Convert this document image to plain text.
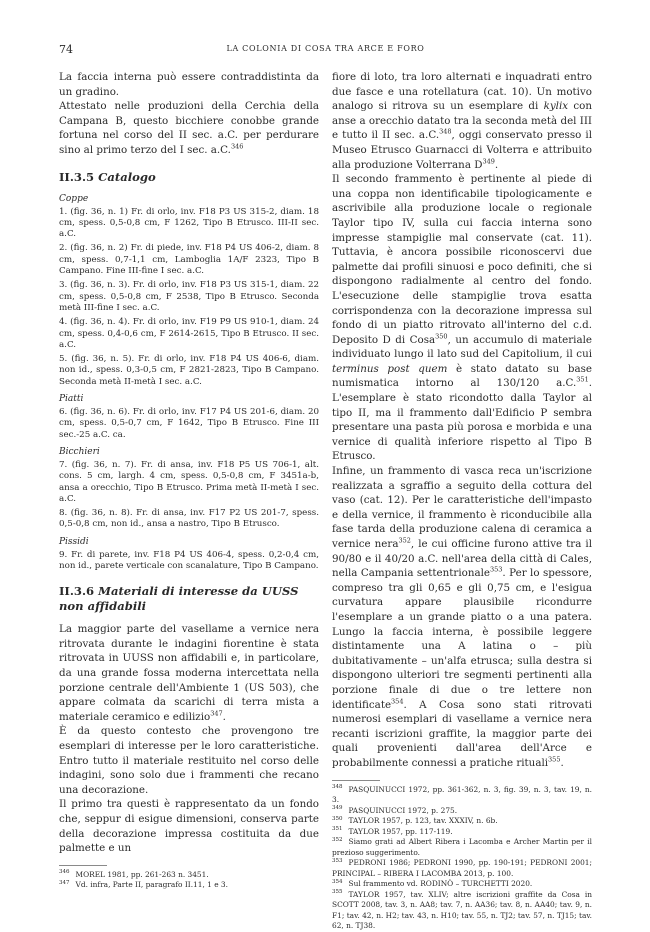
74	LA COLONIA DI COSA TRA ARCE E FORO

La faccia interna può essere contraddistinta da un gradino.
Attestato nelle produzioni della Cerchia della Campana B, questo bicchiere conobbe grande fortuna nel corso del II sec. a.C. per perdurare sino al primo terzo del I sec. a.C.$^{346}$

II.3.5 Catalogo
Coppe

1. (fig. 36, n. 1) Fr. di orlo, inv. F18 P3 US 315-2, diam. 18 cm, spess. 0,5-0,8 cm, F 1262, Tipo B Etrusco. III-II sec. a.C.

2. (fig. 36, n. 2) Fr. di piede, inv. F18 P4 US 406-2, diam. 8 cm, spess. 0,7-1,1 cm, Lamboglia 1A/F 2323, Tipo B Campano. Fine III-fine I sec. a.C.

3. (fig. 36, n. 3). Fr. di orlo, inv. F18 P3 US 315-1, diam. 22 cm, spess. 0,5-0,8 cm, F 2538, Tipo B Etrusco. Seconda metà III-fine I sec. a.C.

4. (fig. 36, n. 4). Fr. di orlo, inv. F19 P9 US 910-1, diam. 24 cm, spess. 0,4-0,6 cm, F 2614-2615, Tipo B Etrusco. II sec. a.C.

5. (fig. 36, n. 5). Fr. di orlo, inv. F18 P4 US 406-6, diam. non id., spess. 0,3-0,5 cm, F 2821-2823, Tipo B Campano. Seconda metà II-metà I sec. a.C.

Piatti

6. (fig. 36, n. 6). Fr. di orlo, inv. F17 P4 US 201-6, diam. 20 cm, spess. 0,5-0,7 cm, F 1642, Tipo B Etrusco. Fine III sec.-25 a.C. ca.

Bicchieri

7. (fig. 36, n. 7). Fr. di ansa, inv. F18 P5 US 706-1, alt. cons. 5 cm, largh. 4 cm, spess. 0,5-0,8 cm, F 3451a-b, ansa a orecchio, Tipo B Etrusco. Prima metà II-metà I sec. a.C.

8. (fig. 36, n. 8). Fr. di ansa, inv. F17 P2 US 201-7, spess. 0,5-0,8 cm, non id., ansa a nastro, Tipo B Etrusco.

Pissidi

9. Fr. di parete, inv. F18 P4 US 406-4, spess. 0,2-0,4 cm, non id., parete verticale con scanalature, Tipo B Campano.

II.3.6 Materiali di interesse da UUSS non affidabili

La maggior parte del vasellame a vernice nera ritrovata durante le indagini fiorentine è stata ritrovata in UUSS non affidabili e, in particolare, da una grande fossa moderna intercettata nella porzione centrale dell'Ambiente 1 (US 503), che appare colmata da scarichi di terra mista a materiale ceramico e edilizio$^{347}$.
È da questo contesto che provengono tre esemplari di interesse per le loro caratteristiche. Entro tutto il materiale restituito nel corso delle indagini, sono solo due i frammenti che recano una decorazione.
Il primo tra questi è rappresentato da un fondo che, seppur di esigue dimensioni, conserva parte della decorazione impressa costituita da due palmette e un

$^{346}$ MOREL 1981, pp. 261-263 n. 3451.

$^{347}$ Vd. infra, Parte II, paragrafo II.11, 1 e 3.

fiore di loto, tra loro alternati e inquadrati entro due fasce e una rotellatura (cat. 10). Un motivo analogo si ritrova su un esemplare di kylix con anse a orecchio datato tra la seconda metà del III e tutto il II sec. a.C.$^{348}$, oggi conservato presso il Museo Etrusco Guarnacci di Volterra e attribuito alla produzione Volterrana $D^{349}$.

Il secondo frammento è pertinente al piede di una coppa non identificabile tipologicamente e ascrivibile alla produzione locale o regionale Taylor tipo IV, sulla cui faccia interna sono impresse stampiglie mal conservate (cat. 11). Tuttavia, è ancora possibile riconoscervi due palmette dai profili sinuosi e poco definiti, che si dispongono radialmente al centro del fondo. L'esecuzione delle stampiglie trova esatta corrispondenza con la decorazione impressa sul fondo di un piatto ritrovato all'interno del c.d. Deposito D di Cosa$^{350}$, un accumulo di materiale individuato lungo il lato sud del Capitolium, il cui terminus post quem è stato datato su base numismatica intorno al 130/120 a.C.$^{351}$. L'esemplare è stato ricondotto dalla Taylor al tipo II, ma il frammento dall'Edificio P sembra presentare una pasta più porosa e morbida e una vernice di qualità inferiore rispetto al Tipo B Etrusco.

Infine, un frammento di vasca reca un'iscrizione realizzata a sgraffio a seguito della cottura del vaso (cat. 12). Per le caratteristiche dell'impasto e della vernice, il frammento è riconducibile alla fase tarda della produzione calena di ceramica a vernice nera$^{352}$, le cui officine furono attive tra il 90/80 e il 40/20 a.C. nell'area della città di Cales, nella Campania settentrionale$^{353}$. Per lo spessore, compreso tra gli 0,65 e gli 0,75 cm, e l'esigua curvatura appare plausibile ricondurre l'esemplare a un grande piatto o a una patera. Lungo la faccia interna, è possibile leggere distintamente una A latina o – più dubitativamente – un'alfa etrusca; sulla destra si dispongono ulteriori tre segmenti pertinenti alla porzione finale di due o tre lettere non identificate$^{354}$. A Cosa sono stati ritrovati numerosi esemplari di vasellame a vernice nera recanti iscrizioni graffite, la maggior parte dei quali provenienti dall'area dell'Arce e probabilmente connessi a pratiche rituali$^{355}$.

$^{348}$ PASQUINUCCI 1972, pp. 361-362, n. 3, fig. 39, n. 3, tav. 19, n. 3.

$^{349}$ PASQUINUCCI 1972, p. 275.

$^{350}$ TAYLOR 1957, p. 123, tav. XXXIV, n. 6b.

$^{351}$ TAYLOR 1957, pp. 117-119.

$^{352}$ Siamo grati ad Albert Ribera i Lacomba e Archer Martin per il prezioso suggerimento.

$^{353}$ PEDRONI 1986; PEDRONI 1990, pp. 190-191; PEDRONI 2001; PRINCIPAL – RIBERA I LACOMBA 2013, p. 100.

$^{354}$ Sul frammento vd. RODINÒ – TURCHETTI 2020.

$^{355}$ TAYLOR 1957, tav. XLIV; altre iscrizioni graffite da Cosa in SCOTT 2008, tav. 3, n. AA8; tav. 7, n. AA36; tav. 8, n. AA40; tav. 9, n. F1; tav. 42, n. H2; tav. 43, n. H10; tav. 55, n. TJ2; tav. 57, n. TJ15; tav. 62, n. TJ38.
